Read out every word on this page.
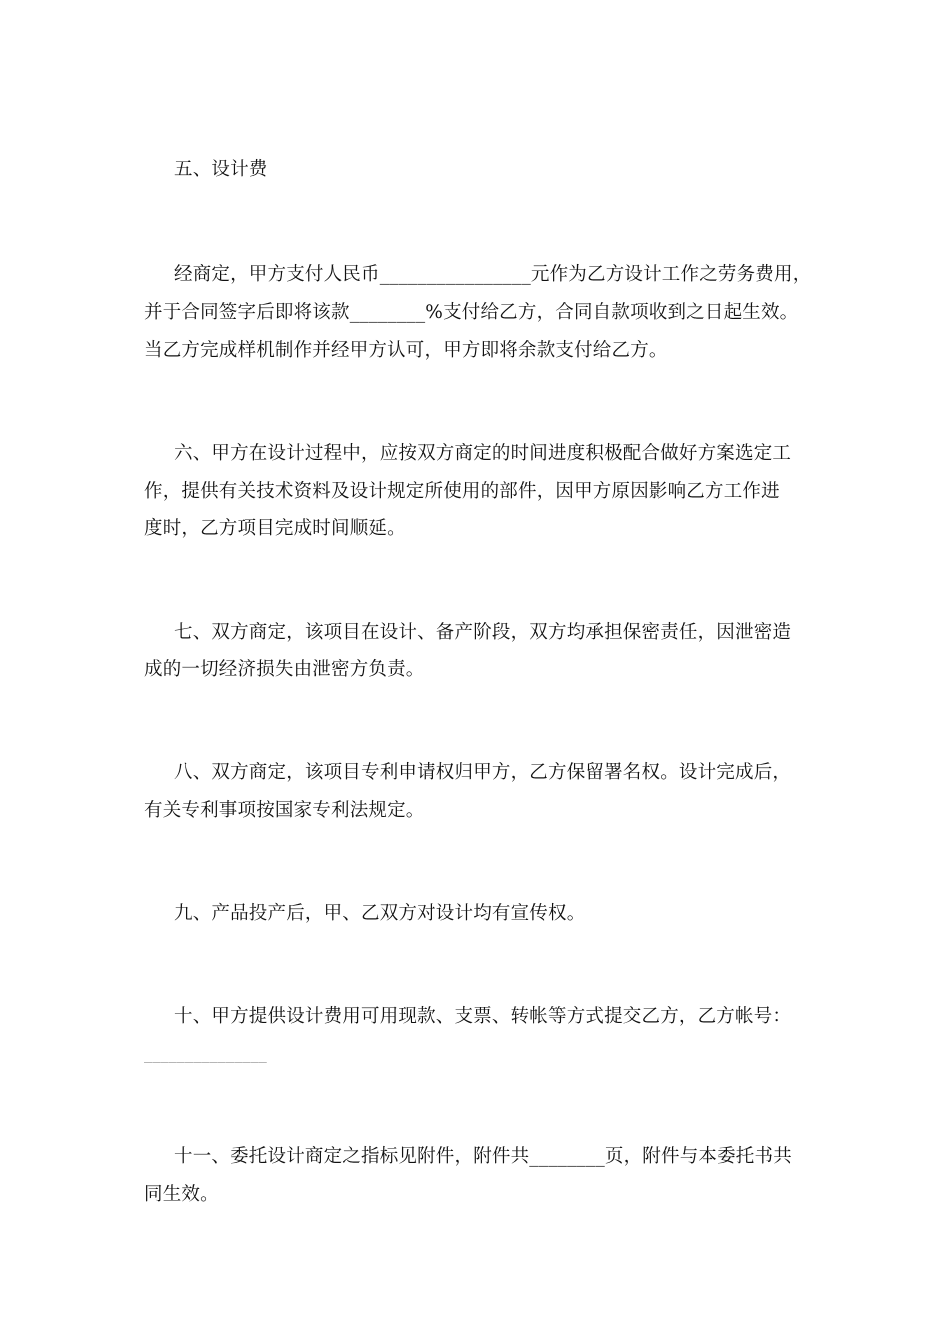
五、设计费
经商定，甲方支付人民币________________元作为乙方设计工作之劳务费用，
并于合同签字后即将该款________%支付给乙方，合同自款项收到之日起生效。
当乙方完成样机制作并经甲方认可，甲方即将余款支付给乙方。
六、甲方在设计过程中，应按双方商定的时间进度积极配合做好方案选定工
作，提供有关技术资料及设计规定所使用的部件，因甲方原因影响乙方工作进
度时，乙方项目完成时间顺延。
七、双方商定，该项目在设计、备产阶段，双方均承担保密责任，因泄密造
成的一切经济损失由泄密方负责。
八、双方商定，该项目专利申请权归甲方，乙方保留署名权。设计完成后，
有关专利事项按国家专利法规定。
九、产品投产后，甲、乙双方对设计均有宣传权。
十、甲方提供设计费用可用现款、支票、转帐等方式提交乙方，乙方帐号：
_______________
十一、委托设计商定之指标见附件，附件共________页，附件与本委托书共
同生效。
